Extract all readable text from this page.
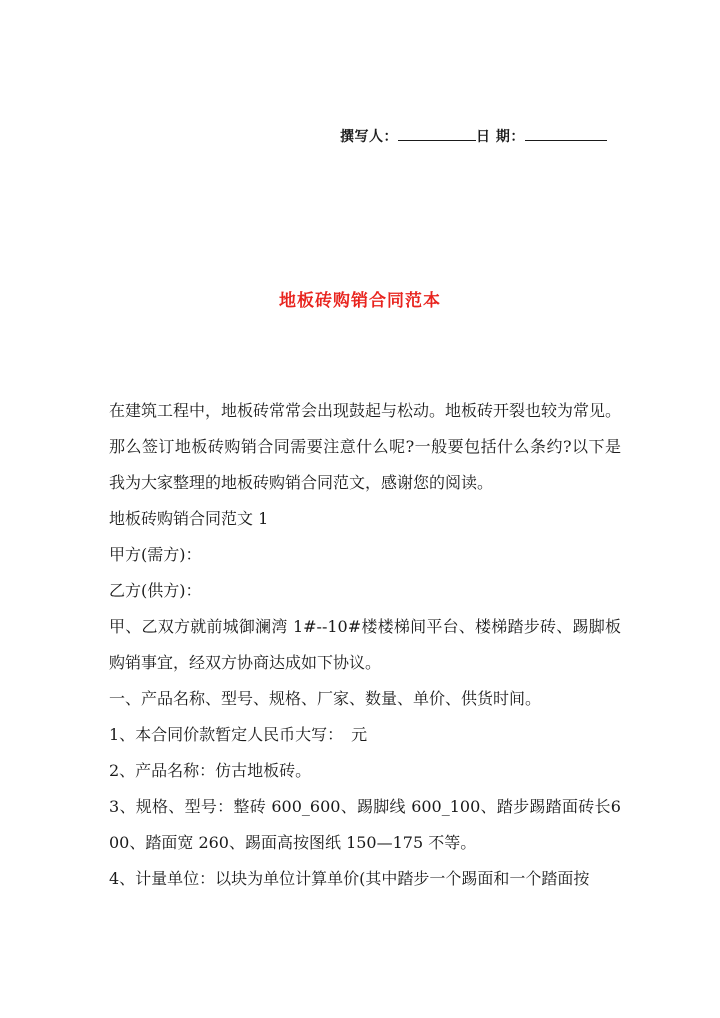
撰写人：	日 期：
地板砖购销合同范本

在建筑工程中，地板砖常常会出现鼓起与松动。地板砖开裂也较为常见。那么签订地板砖购销合同需要注意什么呢?一般要包括什么条约?以下是我为大家整理的地板砖购销合同范文，感谢您的阅读。

地板砖购销合同范文 1

甲方(需方)：

乙方(供方)：

甲、乙双方就前城御澜湾 1#--10#楼楼梯间平台、楼梯踏步砖、踢脚板购销事宜，经双方协商达成如下协议。

一、产品名称、型号、规格、厂家、数量、单价、供货时间。

1、本合同价款暂定人民币大写：　元

2、产品名称：仿古地板砖。

3、规格、型号：整砖 600_600、踢脚线 600_100、踏步踢踏面砖长600、踏面宽 260、踢面高按图纸 150—175 不等。

4、计量单位：以块为单位计算单价(其中踏步一个踢面和一个踏面按
